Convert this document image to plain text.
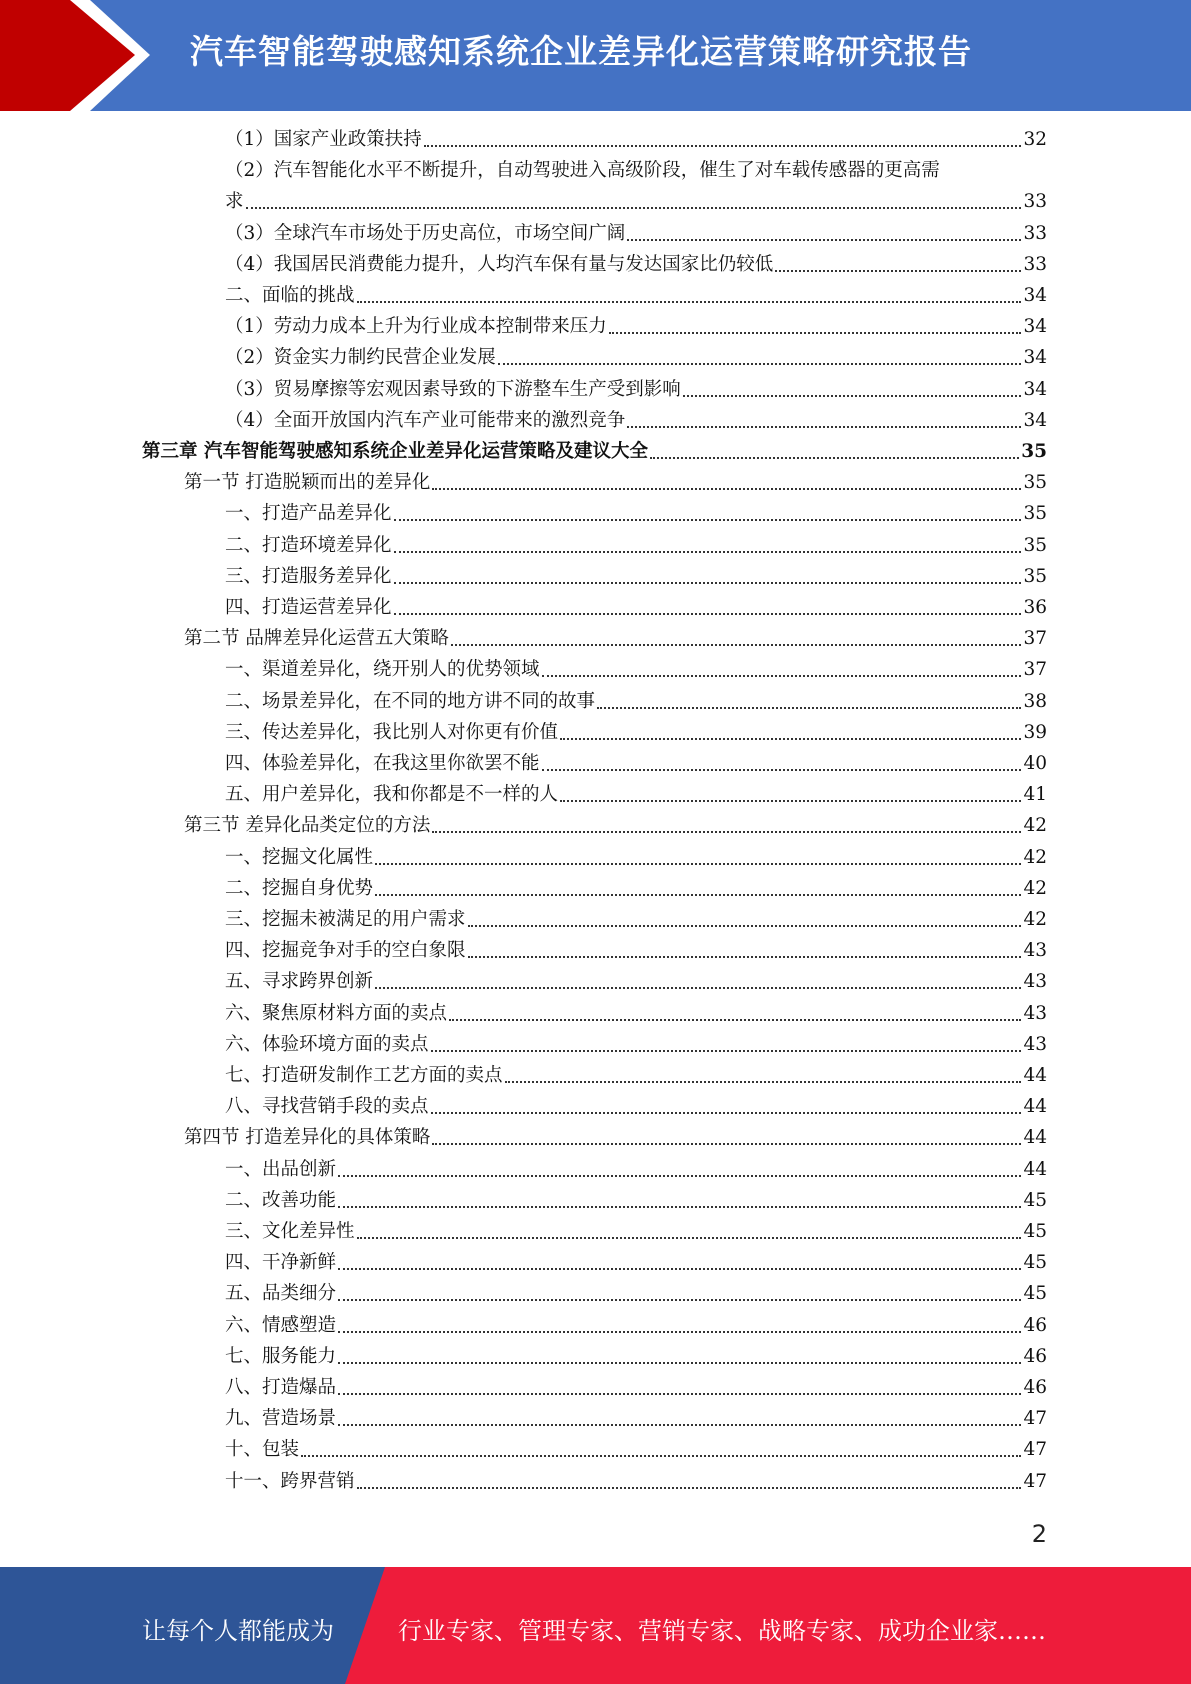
汽车智能驾驶感知系统企业差异化运营策略研究报告
（1）国家产业政策扶持	32
（2）汽车智能化水平不断提升，自动驾驶进入高级阶段，催生了对车载传感器的更高需
求	33
（3）全球汽车市场处于历史高位，市场空间广阔	33
（4）我国居民消费能力提升，人均汽车保有量与发达国家比仍较低	33
二、面临的挑战	34
（1）劳动力成本上升为行业成本控制带来压力	34
（2）资金实力制约民营企业发展	34
（3）贸易摩擦等宏观因素导致的下游整车生产受到影响	34
（4）全面开放国内汽车产业可能带来的激烈竞争	34
第三章 汽车智能驾驶感知系统企业差异化运营策略及建议大全	35
第一节 打造脱颖而出的差异化	35
一、打造产品差异化	35
二、打造环境差异化	35
三、打造服务差异化	35
四、打造运营差异化	36
第二节 品牌差异化运营五大策略	37
一、渠道差异化，绕开别人的优势领域	37
二、场景差异化，在不同的地方讲不同的故事	38
三、传达差异化，我比别人对你更有价值	39
四、体验差异化，在我这里你欲罢不能	40
五、用户差异化，我和你都是不一样的人	41
第三节 差异化品类定位的方法	42
一、挖掘文化属性	42
二、挖掘自身优势	42
三、挖掘未被满足的用户需求	42
四、挖掘竞争对手的空白象限	43
五、寻求跨界创新	43
六、聚焦原材料方面的卖点	43
六、体验环境方面的卖点	43
七、打造研发制作工艺方面的卖点	44
八、寻找营销手段的卖点	44
第四节 打造差异化的具体策略	44
一、出品创新	44
二、改善功能	45
三、文化差异性	45
四、干净新鲜	45
五、品类细分	45
六、情感塑造	46
七、服务能力	46
八、打造爆品	46
九、营造场景	47
十、包装	47
十一、跨界营销	47
2
让每个人都能成为	行业专家、管理专家、营销专家、战略专家、成功企业家……
